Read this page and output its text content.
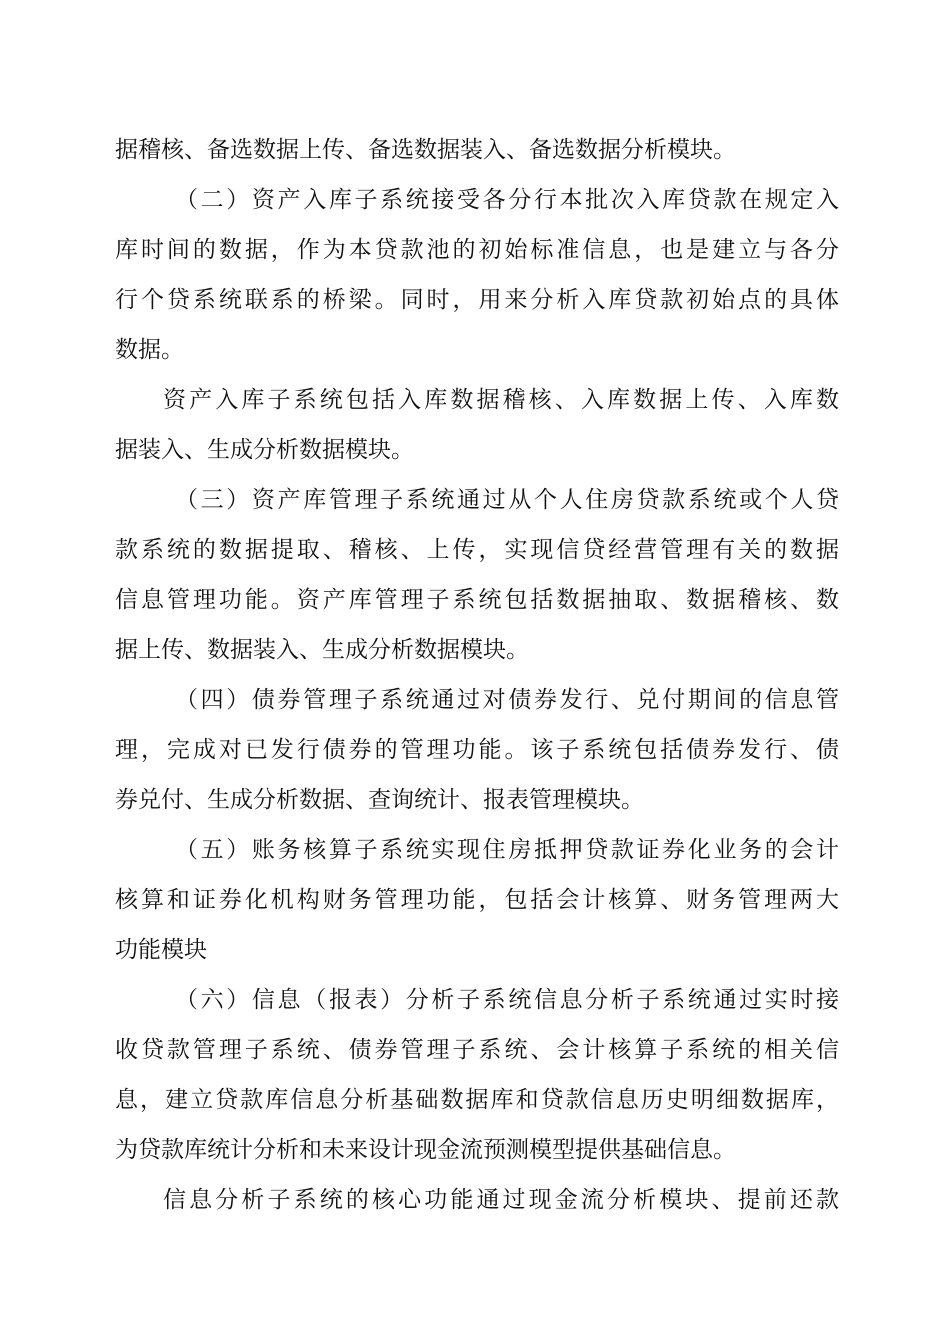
据稽核、备选数据上传、备选数据装入、备选数据分析模块。
（二）资产入库子系统接受各分行本批次入库贷款在规定入
库时间的数据，作为本贷款池的初始标准信息，也是建立与各分
行个贷系统联系的桥梁。同时，用来分析入库贷款初始点的具体
数据。
资产入库子系统包括入库数据稽核、入库数据上传、入库数
据装入、生成分析数据模块。
（三）资产库管理子系统通过从个人住房贷款系统或个人贷
款系统的数据提取、稽核、上传，实现信贷经营管理有关的数据
信息管理功能。资产库管理子系统包括数据抽取、数据稽核、数
据上传、数据装入、生成分析数据模块。
（四）债券管理子系统通过对债券发行、兑付期间的信息管
理，完成对已发行债券的管理功能。该子系统包括债券发行、债
券兑付、生成分析数据、查询统计、报表管理模块。
（五）账务核算子系统实现住房抵押贷款证券化业务的会计
核算和证券化机构财务管理功能，包括会计核算、财务管理两大
功能模块
（六）信息（报表）分析子系统信息分析子系统通过实时接
收贷款管理子系统、债券管理子系统、会计核算子系统的相关信
息，建立贷款库信息分析基础数据库和贷款信息历史明细数据库，
为贷款库统计分析和未来设计现金流预测模型提供基础信息。
信息分析子系统的核心功能通过现金流分析模块、提前还款
